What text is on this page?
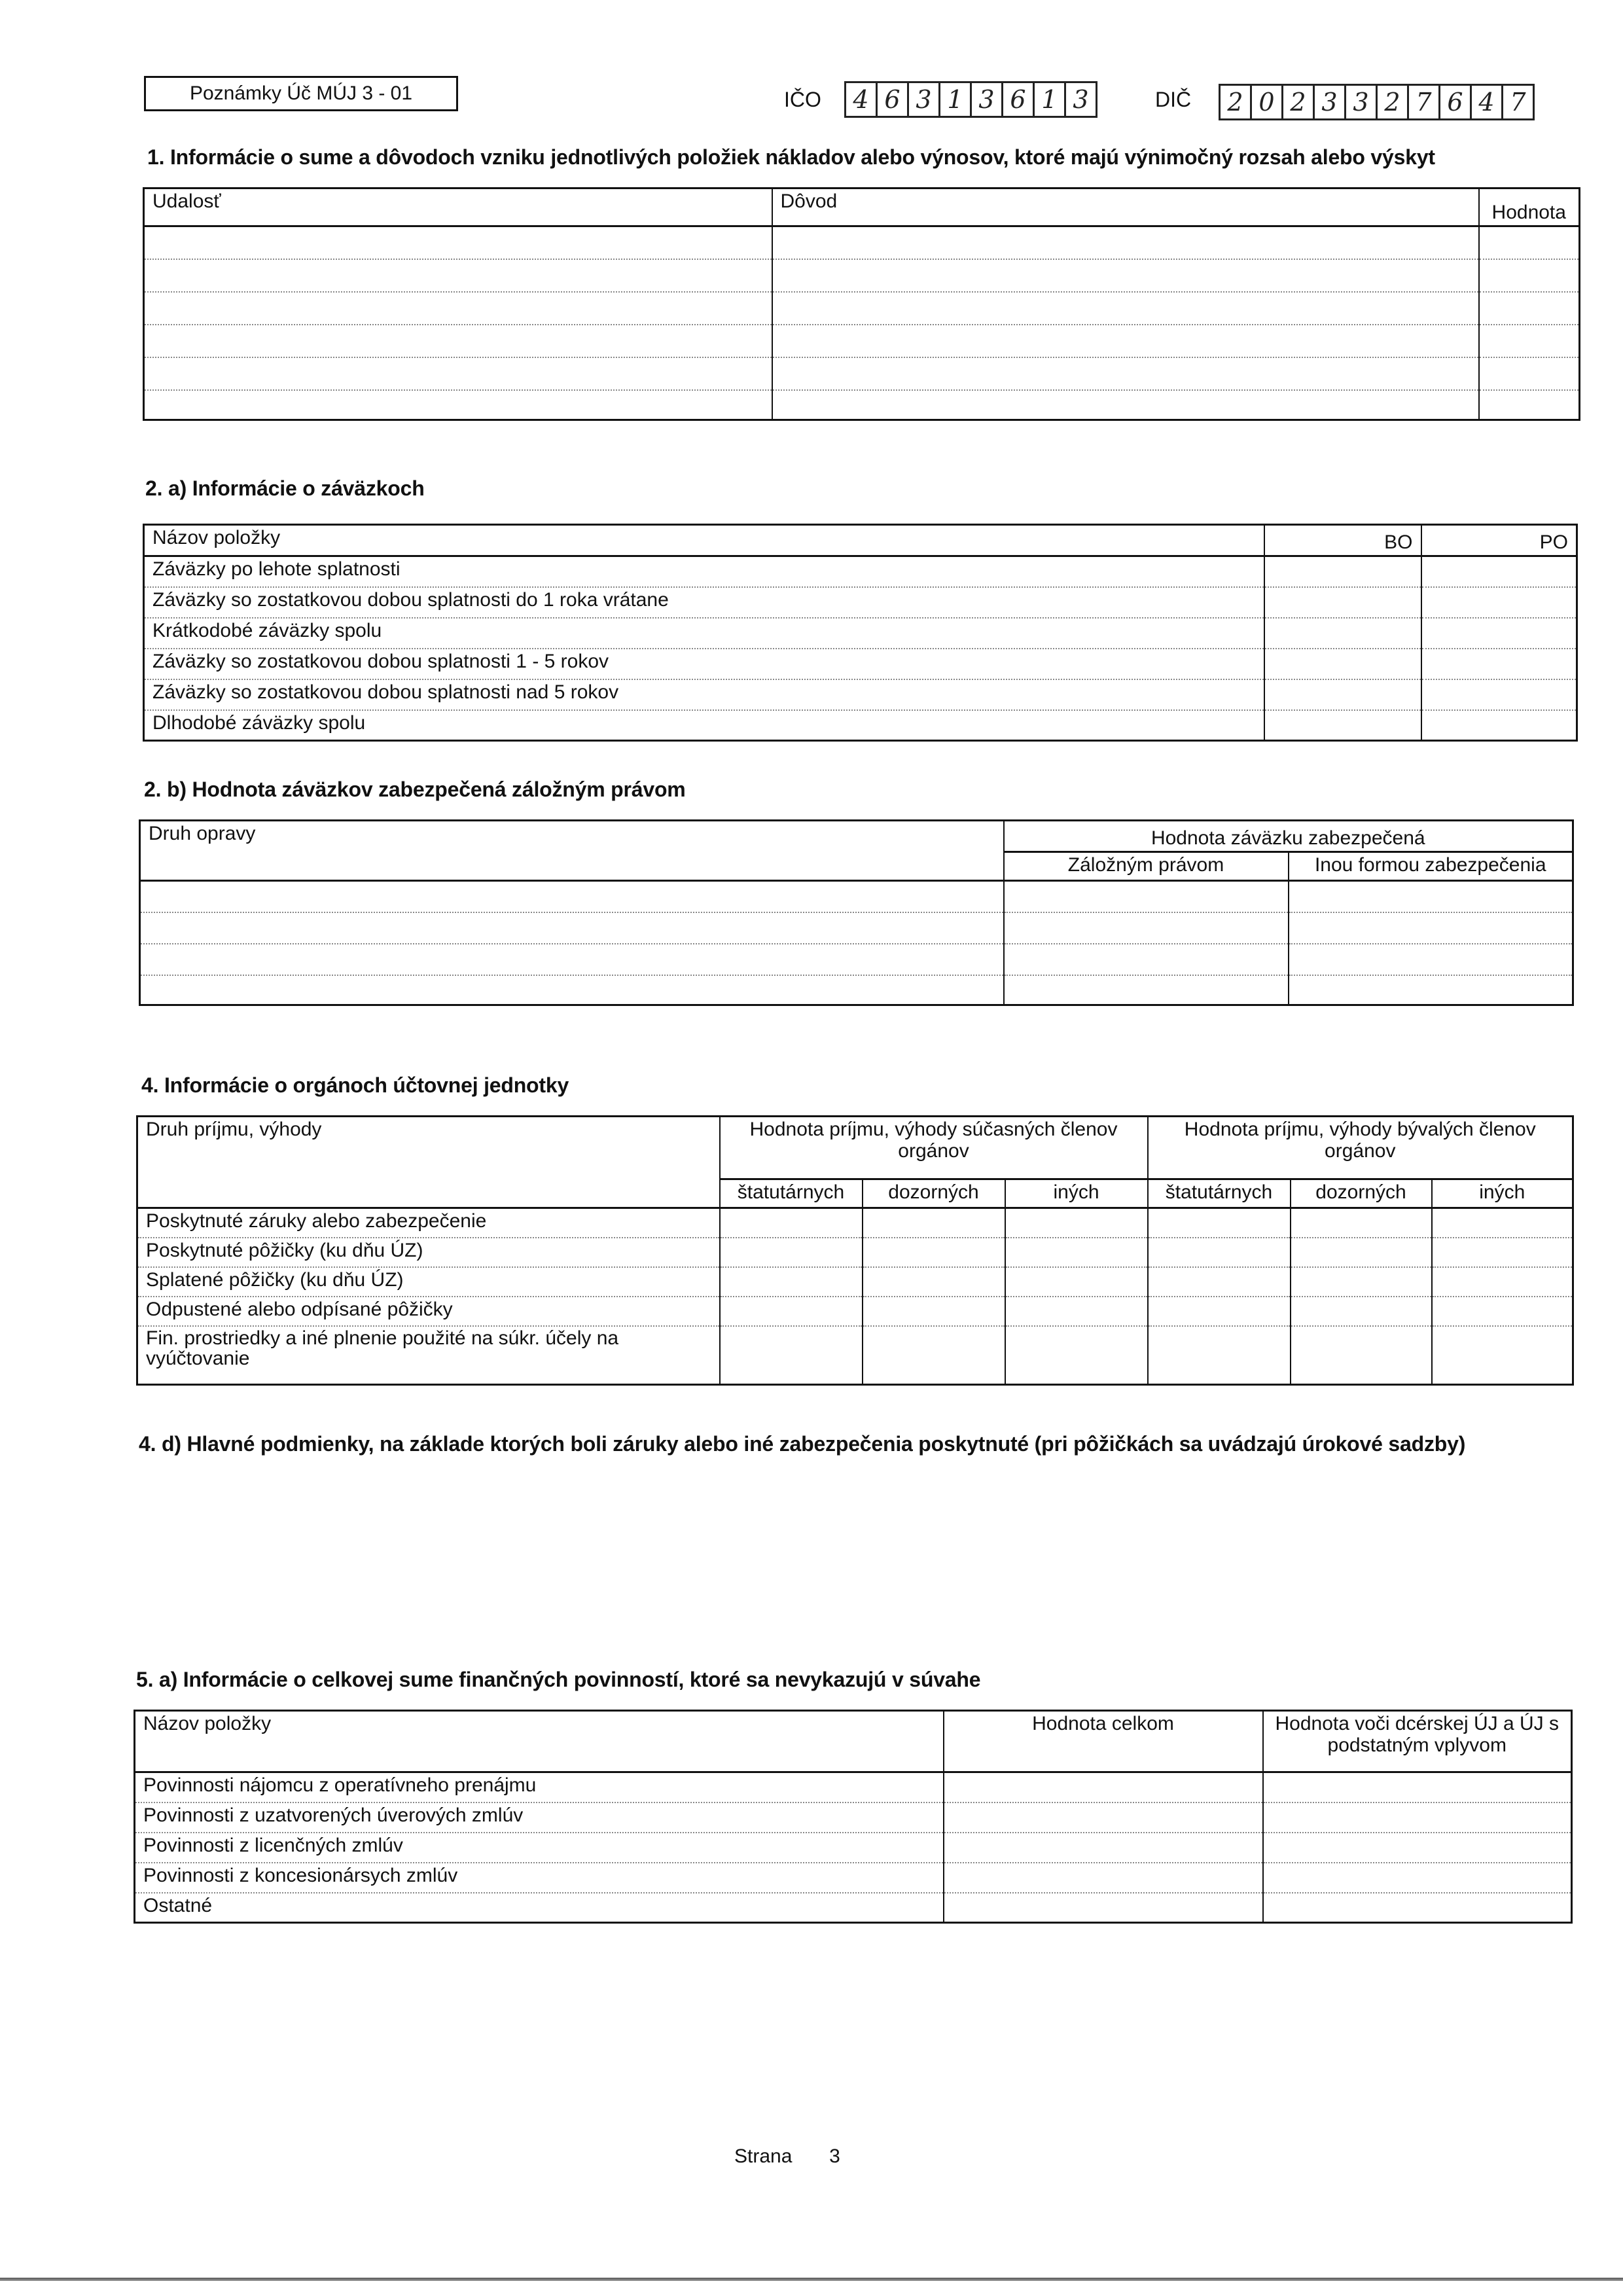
Poznámky Úč MÚJ 3 - 01	IČO 4 6 3 1 3 6 1 3	DIČ 2 0 2 3 3 2 7 6 4 7
1. Informácie o sume a dôvodoch vzniku jednotlivých položiek nákladov alebo výnosov, ktoré majú výnimočný rozsah alebo výskyt
Udalosť	Dôvod	Hodnota

2. a) Informácie o záväzkoch
Názov položky	BO	PO
Záväzky po lehote splatnosti		
Záväzky so zostatkovou dobou splatnosti do 1 roka vrátane		
Krátkodobé záväzky spolu		
Záväzky so zostatkovou dobou splatnosti 1 - 5 rokov		
Záväzky so zostatkovou dobou splatnosti nad 5 rokov		
Dlhodobé záväzky spolu		
2. b) Hodnota záväzkov zabezpečená záložným právom
Druh opravy	Hodnota záväzku zabezpečená	
	Záložným právom	Inou formou zabezpečenia

4. Informácie o orgánoch účtovnej jednotky
Druh príjmu, výhody	Hodnota príjmu, výhody súčasných členov orgánov			Hodnota príjmu, výhody bývalých členov orgánov		
	štatutárnych	dozorných	iných	štatutárnych	dozorných	iných
Poskytnuté záruky alebo zabezpečenie						
Poskytnuté pôžičky (ku dňu ÚZ)						
Splatené pôžičky (ku dňu ÚZ)						
Odpustené alebo odpísané pôžičky						
Fin. prostriedky a iné plnenie použité na súkr. účely na vyúčtovanie						
4. d) Hlavné podmienky, na základe ktorých boli záruky alebo iné zabezpečenia poskytnuté (pri pôžičkách sa uvádzajú úrokové sadzby)
5. a) Informácie o celkovej sume finančných povinností, ktoré sa nevykazujú v súvahe
Názov položky	Hodnota celkom	Hodnota voči dcérskej ÚJ a ÚJ s podstatným vplyvom
Povinnosti nájomcu z operatívneho prenájmu		
Povinnosti z uzatvorených úverových zmlúv		
Povinnosti z licenčných zmlúv		
Povinnosti z koncesionársych zmlúv		
Ostatné		
Strana 3
